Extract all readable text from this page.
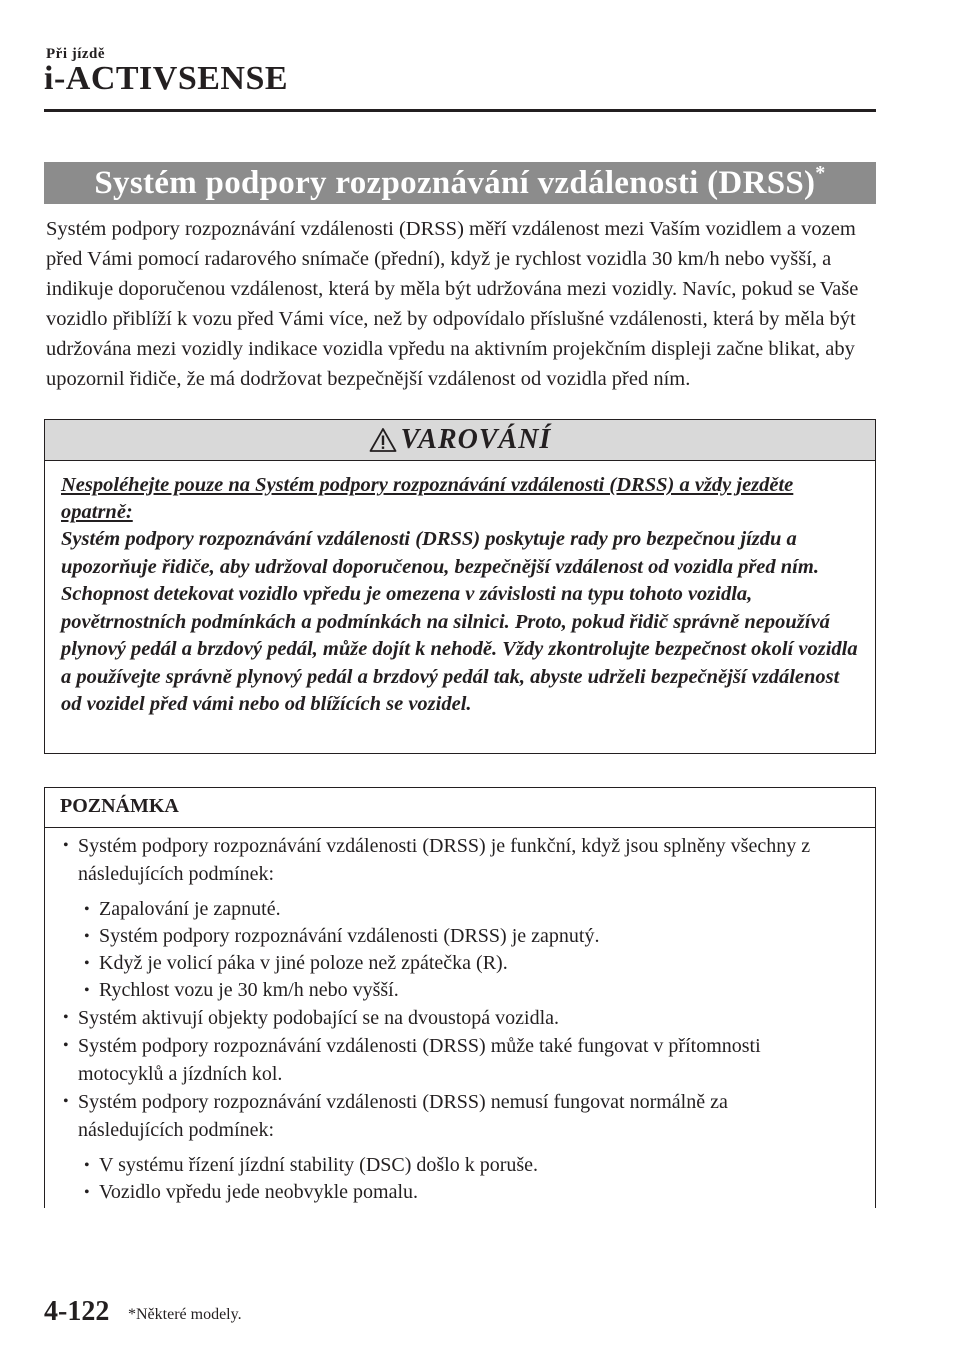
Při jízdě
i-ACTIVSENSE
Systém podpory rozpoznávání vzdálenosti (DRSS)*

Systém podpory rozpoznávání vzdálenosti (DRSS) měří vzdálenost mezi Vaším vozidlem a vozem před Vámi pomocí radarového snímače (přední), když je rychlost vozidla 30 km/h nebo vyšší, a indikuje doporučenou vzdálenost, která by měla být udržována mezi vozidly. Navíc, pokud se Vaše vozidlo přiblíží k vozu před Vámi více, než by odpovídalo příslušné vzdálenosti, která by měla být udržována mezi vozidly indikace vozidla vpředu na aktivním projekčním displeji začne blikat, aby upozornil řidiče, že má dodržovat bezpečnější vzdálenost od vozidla před ním.

VAROVÁNÍ

Nespoléhejte pouze na Systém podpory rozpoznávání vzdálenosti (DRSS) a vždy jezděte opatrně:

Systém podpory rozpoznávání vzdálenosti (DRSS) poskytuje rady pro bezpečnou jízdu a upozorňuje řidiče, aby udržoval doporučenou, bezpečnější vzdálenost od vozidla před ním. Schopnost detekovat vozidlo vpředu je omezena v závislosti na typu tohoto vozidla, povětrnostních podmínkách a podmínkách na silnici. Proto, pokud řidič správně nepoužívá plynový pedál a brzdový pedál, může dojít k nehodě. Vždy zkontrolujte bezpečnost okolí vozidla a používejte správně plynový pedál a brzdový pedál tak, abyste udrželi bezpečnější vzdálenost od vozidel před vámi nebo od blížících se vozidel.

POZNÁMKA
• Systém podpory rozpoznávání vzdálenosti (DRSS) je funkční, když jsou splněny všechny z následujících podmínek:
• Zapalování je zapnuté.
• Systém podpory rozpoznávání vzdálenosti (DRSS) je zapnutý.
• Když je volicí páka v jiné poloze než zpátečka (R).
• Rychlost vozu je 30 km/h nebo vyšší.
• Systém aktivují objekty podobající se na dvoustopá vozidla.
• Systém podpory rozpoznávání vzdálenosti (DRSS) může také fungovat v přítomnosti motocyklů a jízdních kol.
• Systém podpory rozpoznávání vzdálenosti (DRSS) nemusí fungovat normálně za následujících podmínek:
• V systému řízení jízdní stability (DSC) došlo k poruše.
• Vozidlo vpředu jede neobvykle pomalu.
4-122 *Některé modely.
